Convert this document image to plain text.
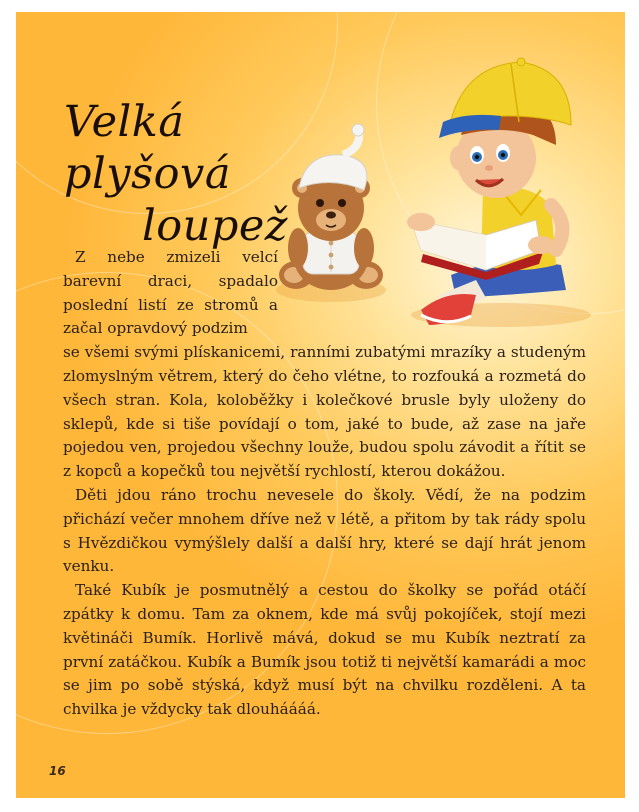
Velká plyšová
loupež

Z nebe zmizeli velcí barevní draci, spadalo poslední listí ze stromů a začal opravdový podzim

se všemi svými plískanicemi, ranními zubatými mrazíky a studeným zlomyslným větrem, který do čeho vlétne, to rozfouká a rozmetá do všech stran. Kola, koloběžky i kolečkové brusle byly uloženy do sklepů, kde si tiše povídají o tom, jaké to bude, až zase na jaře pojedou ven, projedou všechny louže, budou spolu závodit a řítit se z kopců a kopečků tou největší rychlostí, kterou dokážou.

Děti jdou ráno trochu nevesele do školy. Vědí, že na podzim přichází večer mnohem dříve než v létě, a přitom by tak rády spolu s Hvězdičkou vymýšlely další a další hry, které se dají hrát jenom venku.

Také Kubík je posmutnělý a cestou do školky se pořád otáčí zpátky k domu. Tam za oknem, kde má svůj pokojíček, stojí mezi květináči Bumík. Horlivě mává, dokud se mu Kubík neztratí za první zatáčkou. Kubík a Bumík jsou totiž ti největší kamarádi a moc se jim po sobě stýská, když musí být na chvilku rozděleni. A ta chvilka je vždycky tak dlouháááá.

16
